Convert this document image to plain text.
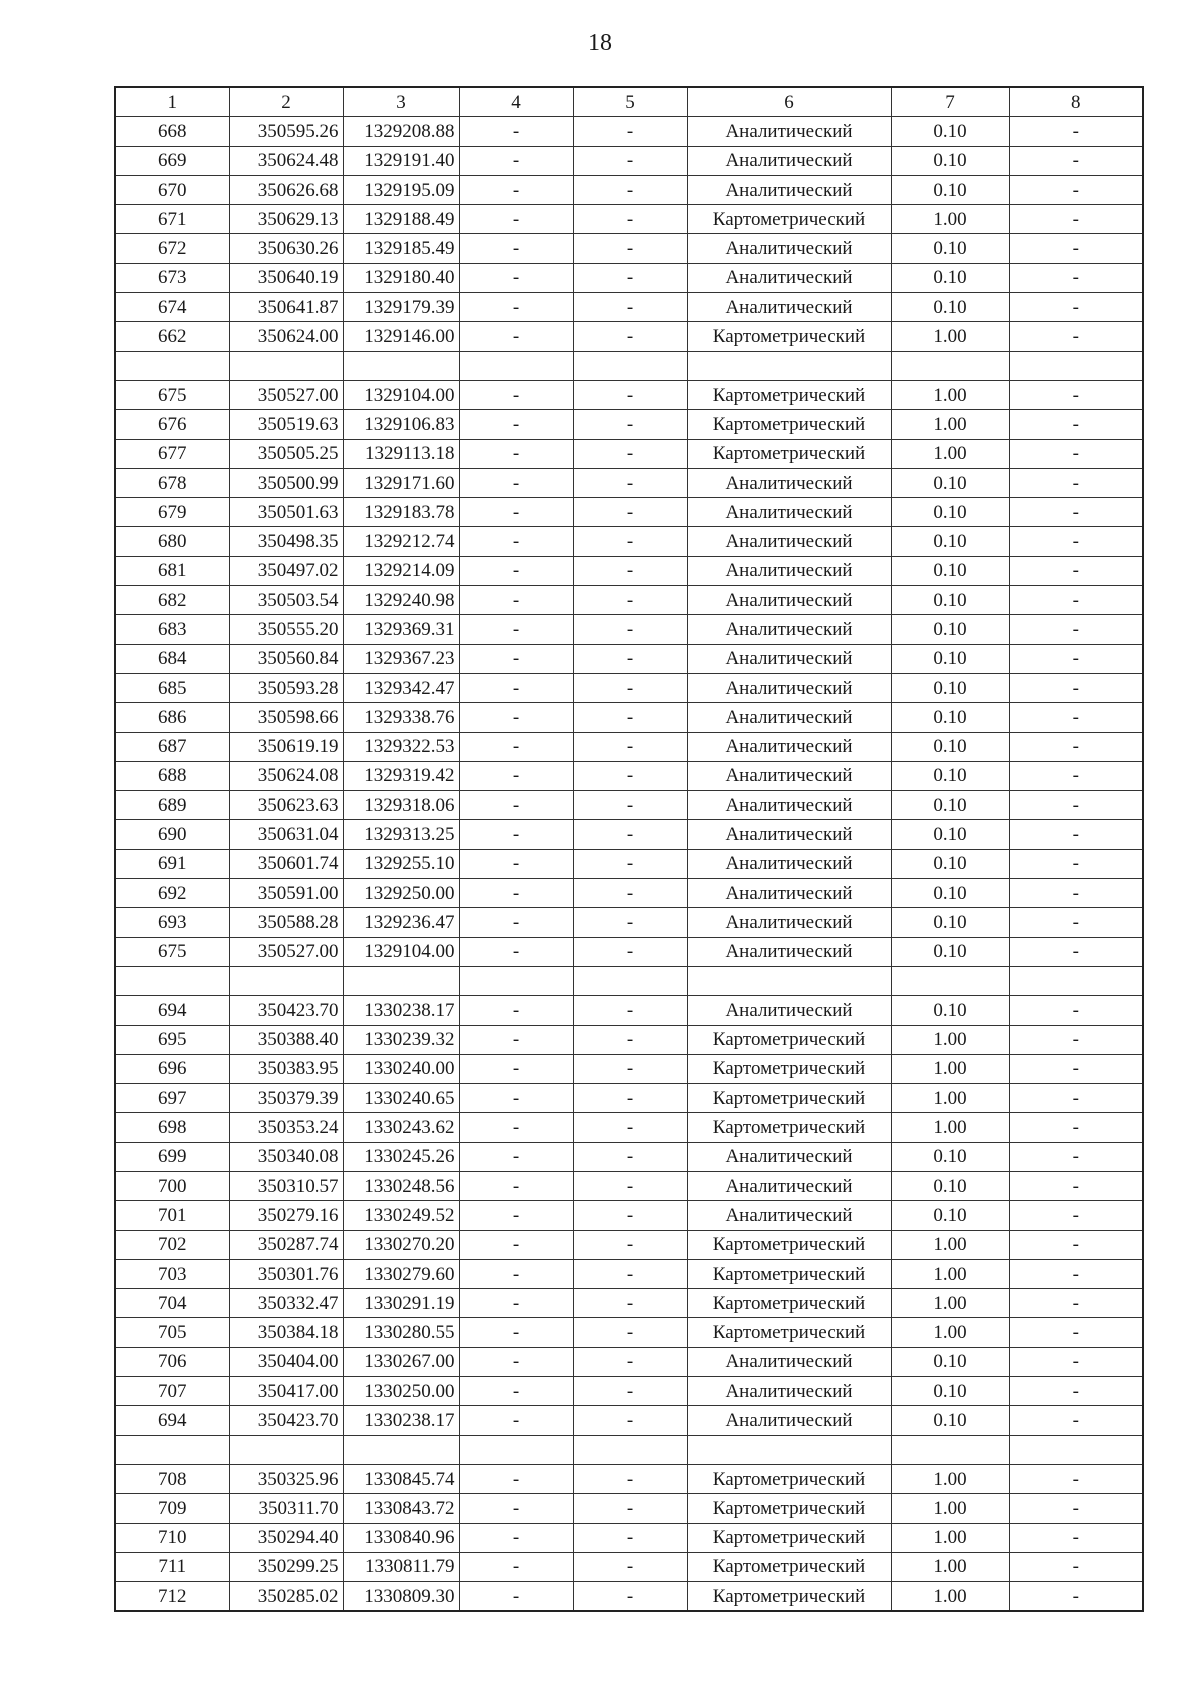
18
1	2	3	4	5	6	7	8
668	350595.26	1329208.88	-	-	Аналитический	0.10	-
669	350624.48	1329191.40	-	-	Аналитический	0.10	-
670	350626.68	1329195.09	-	-	Аналитический	0.10	-
671	350629.13	1329188.49	-	-	Картометрический	1.00	-
672	350630.26	1329185.49	-	-	Аналитический	0.10	-
673	350640.19	1329180.40	-	-	Аналитический	0.10	-
674	350641.87	1329179.39	-	-	Аналитический	0.10	-
662	350624.00	1329146.00	-	-	Картометрический	1.00	-

675	350527.00	1329104.00	-	-	Картометрический	1.00	-
676	350519.63	1329106.83	-	-	Картометрический	1.00	-
677	350505.25	1329113.18	-	-	Картометрический	1.00	-
678	350500.99	1329171.60	-	-	Аналитический	0.10	-
679	350501.63	1329183.78	-	-	Аналитический	0.10	-
680	350498.35	1329212.74	-	-	Аналитический	0.10	-
681	350497.02	1329214.09	-	-	Аналитический	0.10	-
682	350503.54	1329240.98	-	-	Аналитический	0.10	-
683	350555.20	1329369.31	-	-	Аналитический	0.10	-
684	350560.84	1329367.23	-	-	Аналитический	0.10	-
685	350593.28	1329342.47	-	-	Аналитический	0.10	-
686	350598.66	1329338.76	-	-	Аналитический	0.10	-
687	350619.19	1329322.53	-	-	Аналитический	0.10	-
688	350624.08	1329319.42	-	-	Аналитический	0.10	-
689	350623.63	1329318.06	-	-	Аналитический	0.10	-
690	350631.04	1329313.25	-	-	Аналитический	0.10	-
691	350601.74	1329255.10	-	-	Аналитический	0.10	-
692	350591.00	1329250.00	-	-	Аналитический	0.10	-
693	350588.28	1329236.47	-	-	Аналитический	0.10	-
675	350527.00	1329104.00	-	-	Аналитический	0.10	-

694	350423.70	1330238.17	-	-	Аналитический	0.10	-
695	350388.40	1330239.32	-	-	Картометрический	1.00	-
696	350383.95	1330240.00	-	-	Картометрический	1.00	-
697	350379.39	1330240.65	-	-	Картометрический	1.00	-
698	350353.24	1330243.62	-	-	Картометрический	1.00	-
699	350340.08	1330245.26	-	-	Аналитический	0.10	-
700	350310.57	1330248.56	-	-	Аналитический	0.10	-
701	350279.16	1330249.52	-	-	Аналитический	0.10	-
702	350287.74	1330270.20	-	-	Картометрический	1.00	-
703	350301.76	1330279.60	-	-	Картометрический	1.00	-
704	350332.47	1330291.19	-	-	Картометрический	1.00	-
705	350384.18	1330280.55	-	-	Картометрический	1.00	-
706	350404.00	1330267.00	-	-	Аналитический	0.10	-
707	350417.00	1330250.00	-	-	Аналитический	0.10	-
694	350423.70	1330238.17	-	-	Аналитический	0.10	-

708	350325.96	1330845.74	-	-	Картометрический	1.00	-
709	350311.70	1330843.72	-	-	Картометрический	1.00	-
710	350294.40	1330840.96	-	-	Картометрический	1.00	-
711	350299.25	1330811.79	-	-	Картометрический	1.00	-
712	350285.02	1330809.30	-	-	Картометрический	1.00	-
